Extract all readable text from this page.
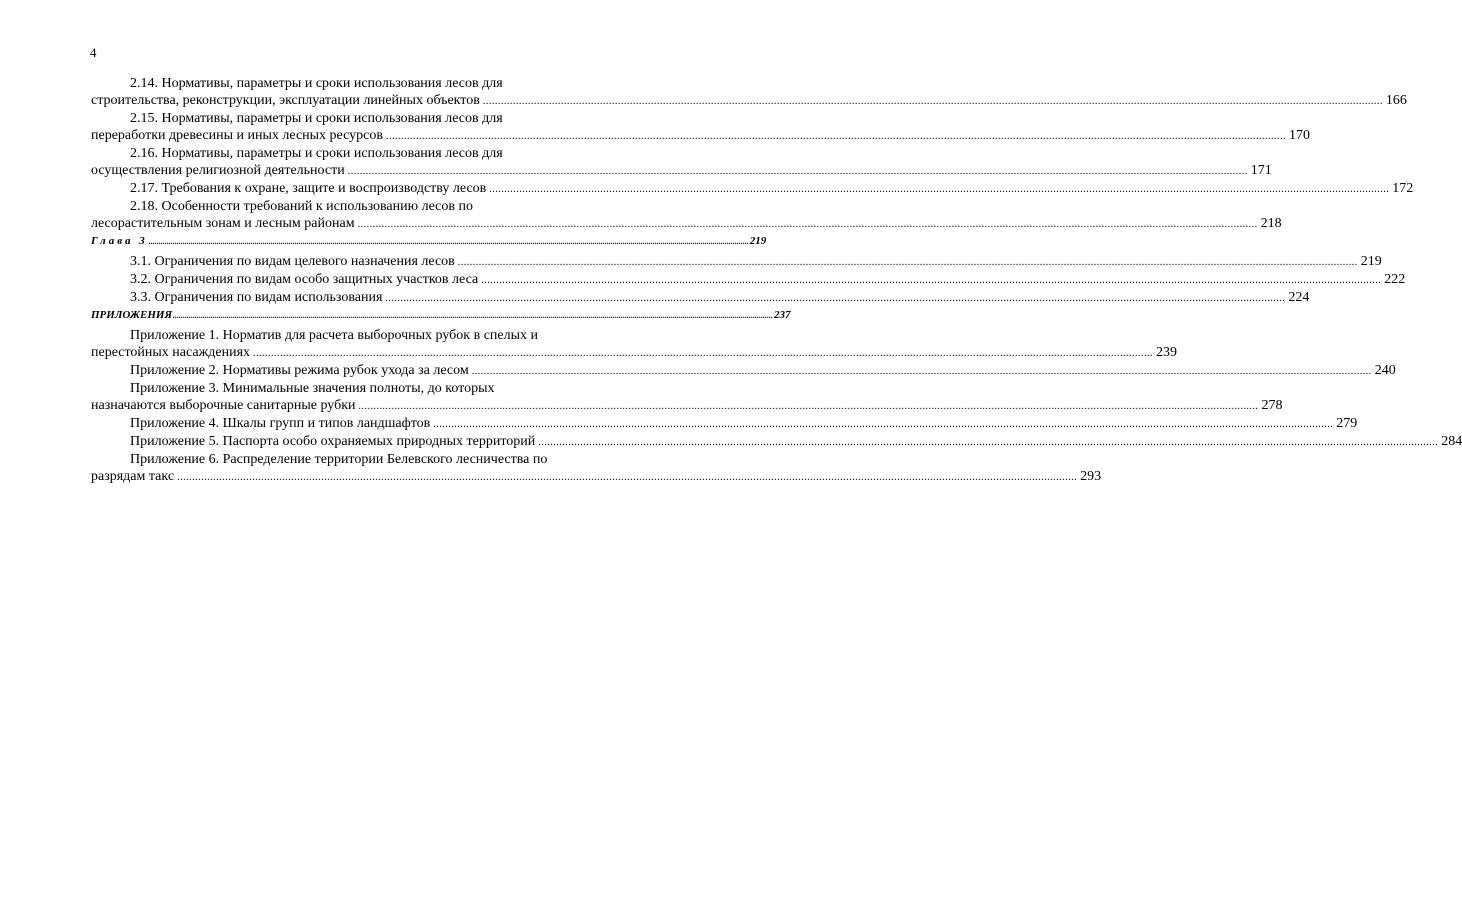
4
2.14. Нормативы, параметры и сроки использования лесов для
строительства, реконструкции, эксплуатации линейных объектов ............................................................................................................................................................................................................................................................................................................ 166
2.15. Нормативы, параметры и сроки использования лесов для
переработки древесины и иных лесных ресурсов ............................................................................................................................................................................................................................................................................................................ 170
2.16. Нормативы, параметры и сроки использования лесов для
осуществления религиозной деятельности ............................................................................................................................................................................................................................................................................................................ 171
2.17. Требования к охране, защите и воспроизводству лесов ............................................................................................................................................................................................................................................................................................................ 172
2.18. Особенности требований к использованию лесов по
лесорастительным зонам и лесным районам ............................................................................................................................................................................................................................................................................................................ 218
Глава 3 ............................................................................................................................................................................................................................................................................................................ 219
3.1. Ограничения по видам целевого назначения лесов ............................................................................................................................................................................................................................................................................................................ 219
3.2. Ограничения по видам особо защитных участков леса ............................................................................................................................................................................................................................................................................................................ 222
3.3. Ограничения по видам использования ............................................................................................................................................................................................................................................................................................................ 224
ПРИЛОЖЕНИЯ ............................................................................................................................................................................................................................................................................................................ 237
Приложение 1. Норматив для расчета выборочных рубок в спелых и
перестойных насаждениях ............................................................................................................................................................................................................................................................................................................ 239
Приложение 2. Нормативы режима рубок ухода за лесом ............................................................................................................................................................................................................................................................................................................ 240
Приложение 3. Минимальные значения полноты, до которых
назначаются выборочные санитарные рубки ............................................................................................................................................................................................................................................................................................................ 278
Приложение 4. Шкалы групп и типов ландшафтов ............................................................................................................................................................................................................................................................................................................ 279
Приложение 5. Паспорта особо охраняемых природных территорий ............................................................................................................................................................................................................................................................................................................ 284
Приложение 6. Распределение территории Белевского лесничества по
разрядам такс ............................................................................................................................................................................................................................................................................................................ 293
